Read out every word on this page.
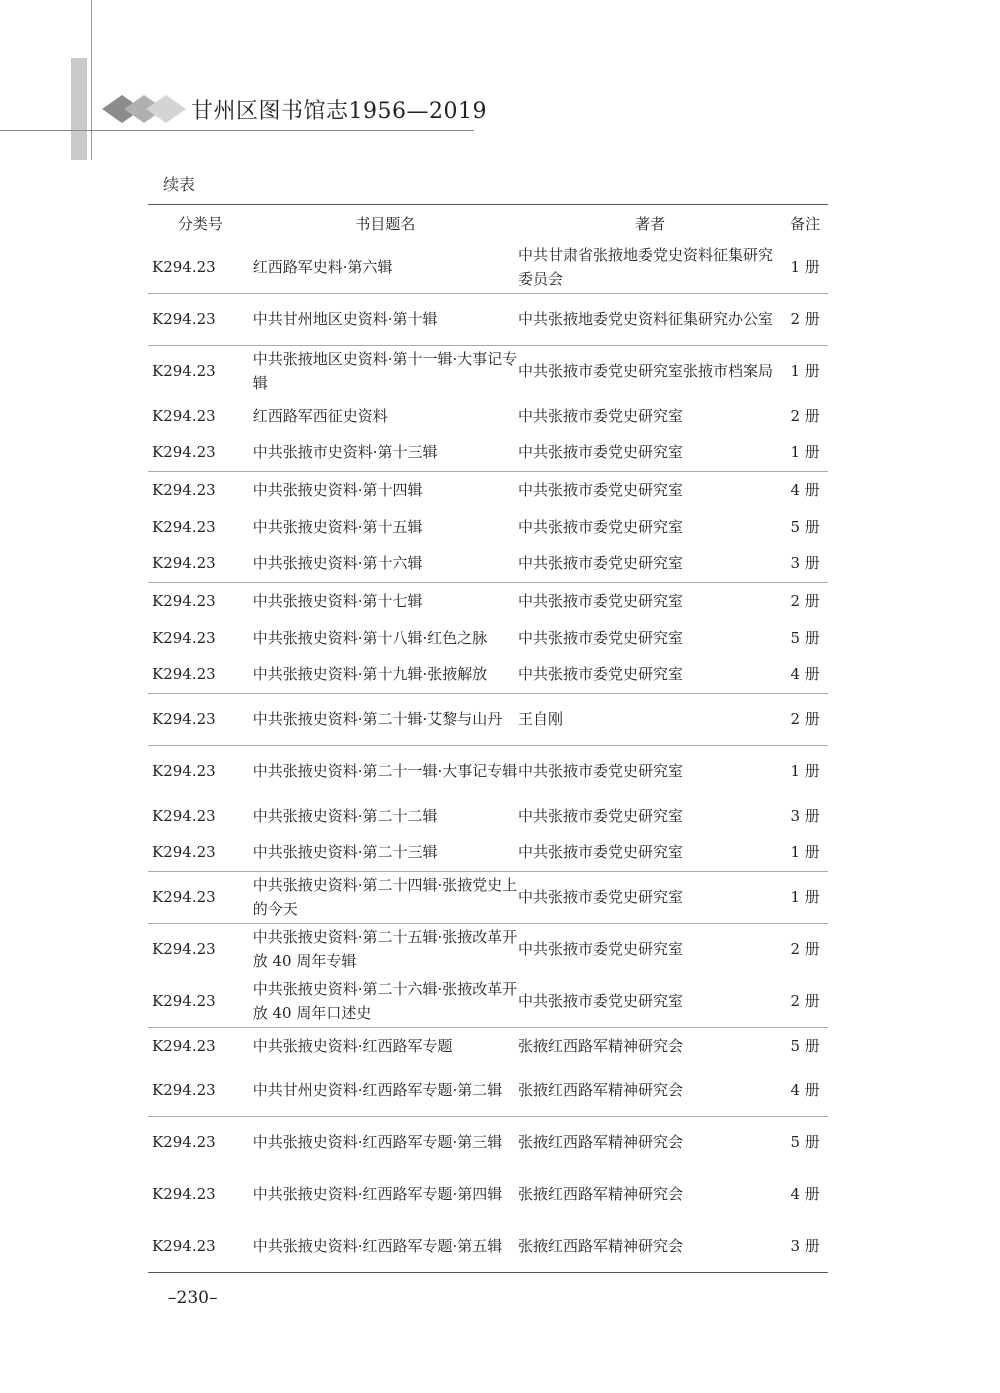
甘州区图书馆志1956—2019
续表
分类号	书目题名	著者	备注
K294.23	红西路军史料·第六辑	中共甘肃省张掖地委党史资料征集研究委员会	1 册
K294.23	中共甘州地区史资料·第十辑	中共张掖地委党史资料征集研究办公室	2 册
K294.23	中共张掖地区史资料·第十一辑·大事记专辑	中共张掖市委党史研究室张掖市档案局	1 册
K294.23	红西路军西征史资料	中共张掖市委党史研究室	2 册
K294.23	中共张掖市史资料·第十三辑	中共张掖市委党史研究室	1 册
K294.23	中共张掖史资料·第十四辑	中共张掖市委党史研究室	4 册
K294.23	中共张掖史资料·第十五辑	中共张掖市委党史研究室	5 册
K294.23	中共张掖史资料·第十六辑	中共张掖市委党史研究室	3 册
K294.23	中共张掖史资料·第十七辑	中共张掖市委党史研究室	2 册
K294.23	中共张掖史资料·第十八辑·红色之脉	中共张掖市委党史研究室	5 册
K294.23	中共张掖史资料·第十九辑·张掖解放	中共张掖市委党史研究室	4 册
K294.23	中共张掖史资料·第二十辑·艾黎与山丹	王自刚	2 册
K294.23	中共张掖史资料·第二十一辑·大事记专辑	中共张掖市委党史研究室	1 册
K294.23	中共张掖史资料·第二十二辑	中共张掖市委党史研究室	3 册
K294.23	中共张掖史资料·第二十三辑	中共张掖市委党史研究室	1 册
K294.23	中共张掖史资料·第二十四辑·张掖党史上的今天	中共张掖市委党史研究室	1 册
K294.23	中共张掖史资料·第二十五辑·张掖改革开放 40 周年专辑	中共张掖市委党史研究室	2 册
K294.23	中共张掖史资料·第二十六辑·张掖改革开放 40 周年口述史	中共张掖市委党史研究室	2 册
K294.23	中共张掖史资料·红西路军专题	张掖红西路军精神研究会	5 册
K294.23	中共甘州史资料·红西路军专题·第二辑	张掖红西路军精神研究会	4 册
K294.23	中共张掖史资料·红西路军专题·第三辑	张掖红西路军精神研究会	5 册
K294.23	中共张掖史资料·红西路军专题·第四辑	张掖红西路军精神研究会	4 册
K294.23	中共张掖史资料·红西路军专题·第五辑	张掖红西路军精神研究会	3 册
–230–
